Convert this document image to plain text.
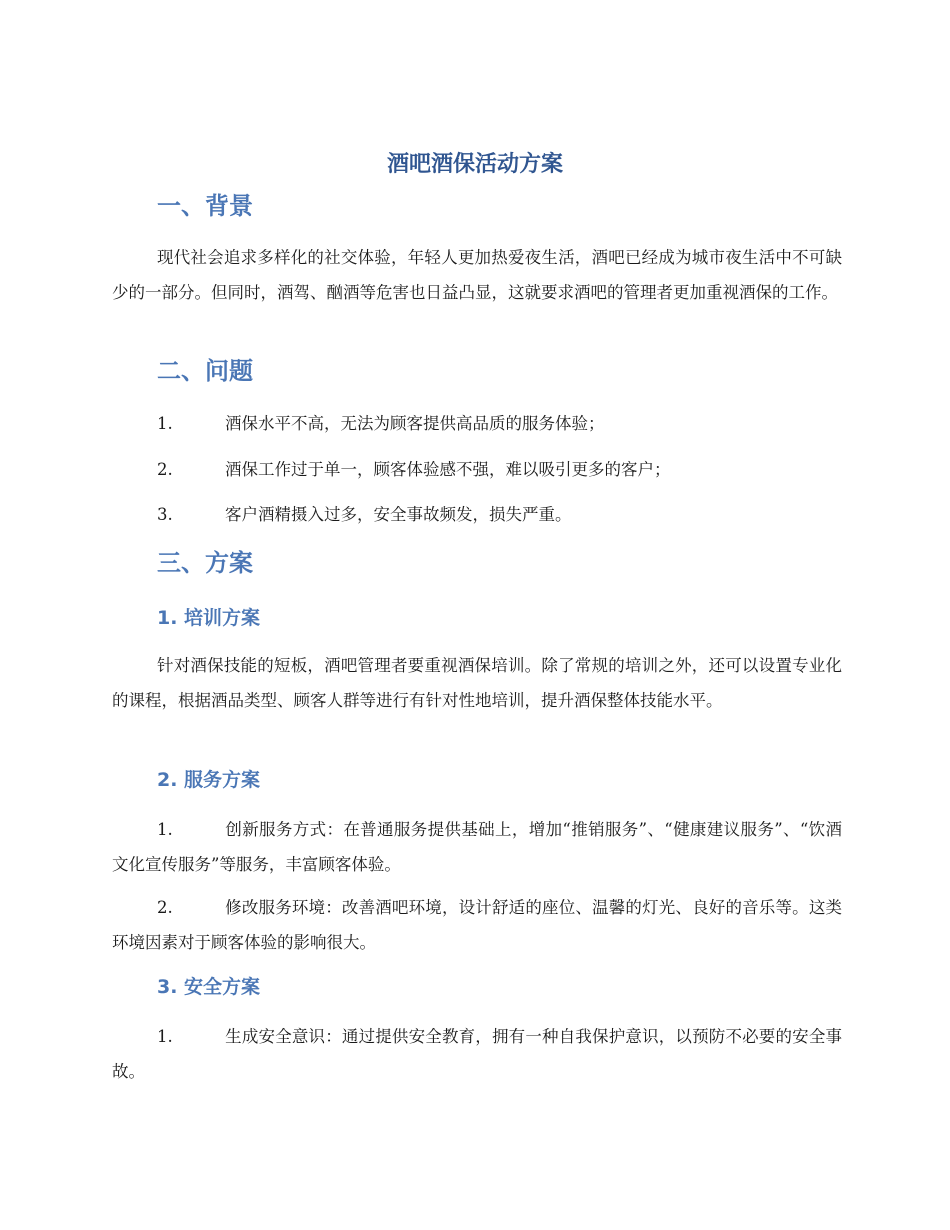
酒吧酒保活动方案
一、背景

现代社会追求多样化的社交体验，年轻人更加热爱夜生活，酒吧已经成为城市夜生活中不可缺少的一部分。但同时，酒驾、酗酒等危害也日益凸显，这就要求酒吧的管理者更加重视酒保的工作。

二、问题

1.	酒保水平不高，无法为顾客提供高品质的服务体验；

2.	酒保工作过于单一，顾客体验感不强，难以吸引更多的客户；

3.	客户酒精摄入过多，安全事故频发，损失严重。

三、方案
1. 培训方案

针对酒保技能的短板，酒吧管理者要重视酒保培训。除了常规的培训之外，还可以设置专业化的课程，根据酒品类型、顾客人群等进行有针对性地培训，提升酒保整体技能水平。

2. 服务方案

1.	创新服务方式：在普通服务提供基础上，增加“推销服务”、“健康建议服务”、“饮酒文化宣传服务”等服务，丰富顾客体验。

2.	修改服务环境：改善酒吧环境，设计舒适的座位、温馨的灯光、良好的音乐等。这类环境因素对于顾客体验的影响很大。

3. 安全方案

1.	生成安全意识：通过提供安全教育，拥有一种自我保护意识，以预防不必要的安全事故。
